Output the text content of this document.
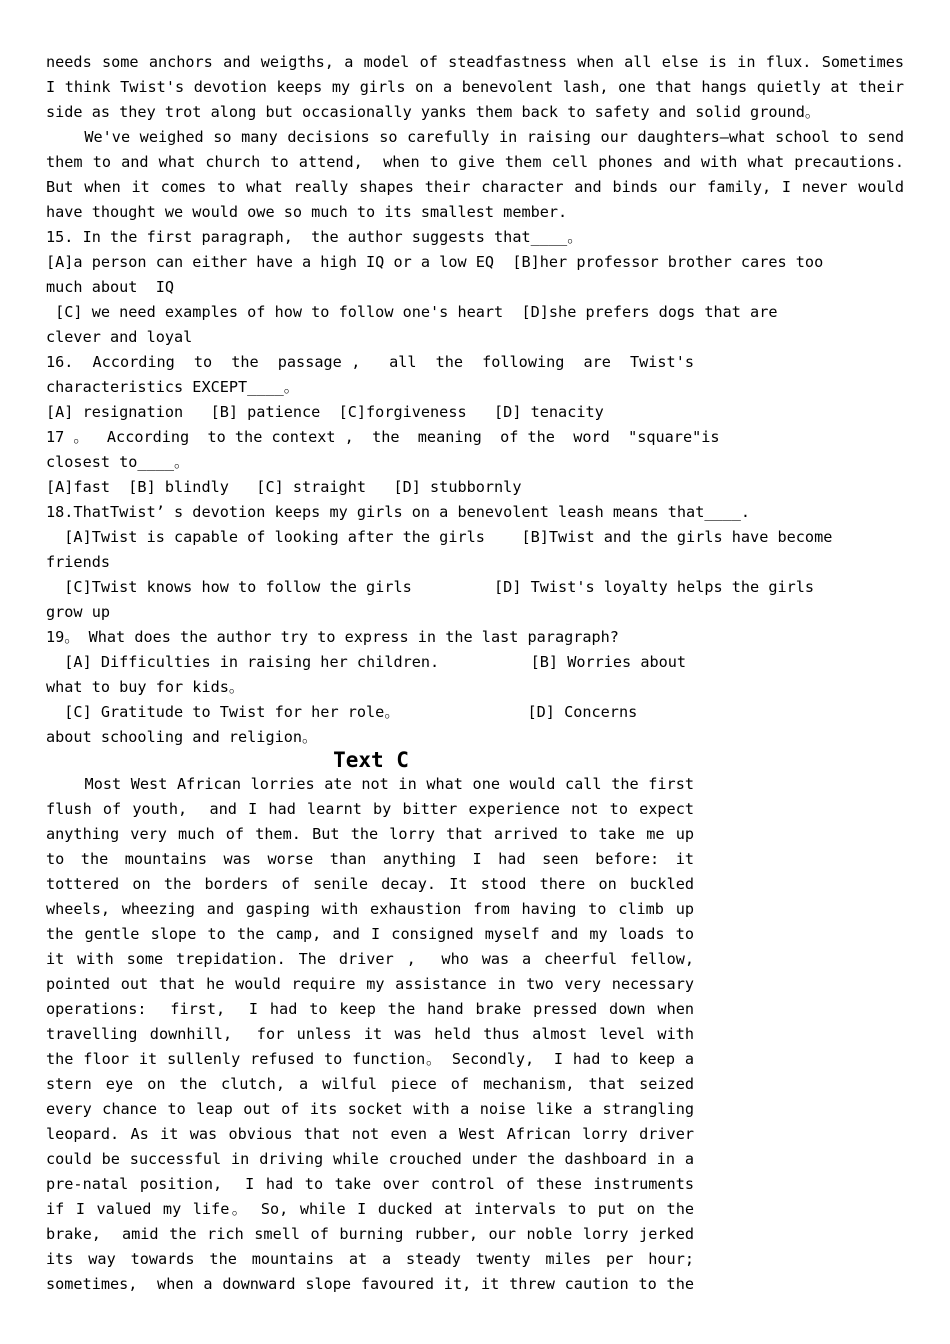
needs some anchors and weigths, a model of steadfastness when all else is in flux. Sometimes
I think Twist's devotion keeps my girls on a benevolent lash, one that hangs quietly at their
side as they trot along but occasionally yanks them back to safety and solid ground。
We've weighed so many decisions so carefully in raising our daughters—what school to send
them to and what church to attend,  when to give them cell phones and with what precautions.
But when it comes to what really shapes their character and binds our family, I never would
have thought we would owe so much to its smallest member.
15. In the first paragraph,  the author suggests that____。
[A]a person can either have a high IQ or a low EQ  [B]her professor brother cares too
much about  IQ
[C] we need examples of how to follow one's heart  [D]she prefers dogs that are
clever and loyal
16.  According  to  the  passage ,   all  the  following  are  Twist's
characteristics EXCEPT____。
[A] resignation   [B] patience  [C]forgiveness   [D] tenacity
17 。  According  to the context ,  the  meaning  of the  word  "square"is
closest to____。
[A]fast  [B] blindly   [C] straight   [D] stubbornly
18.ThatTwist’ s devotion keeps my girls on a benevolent leash means that____.
[A]Twist is capable of looking after the girls    [B]Twist and the girls have become
friends
[C]Twist knows how to follow the girls         [D] Twist's loyalty helps the girls
grow up
19。 What does the author try to express in the last paragraph?
[A] Difficulties in raising her children.          [B] Worries about
what to buy for kids。
[C] Gratitude to Twist for her role。              [D] Concerns
about schooling and religion。
Text C
Most West African lorries ate not in what one would call the first
flush of youth,  and I had learnt by bitter experience not to expect
anything very much of them. But the lorry that arrived to take me up
to the mountains was worse than anything I had seen before: it
tottered on the borders of senile decay. It stood there on buckled
wheels, wheezing and gasping with exhaustion from having to climb up
the gentle slope to the camp, and I consigned myself and my loads to
it with some trepidation. The driver ,  who was a cheerful fellow,
pointed out that he would require my assistance in two very necessary
operations:  first,  I had to keep the hand brake pressed down when
travelling downhill,  for unless it was held thus almost level with
the floor it sullenly refused to function。 Secondly,  I had to keep a
stern eye on the clutch, a wilful piece of mechanism, that seized
every chance to leap out of its socket with a noise like a strangling
leopard. As it was obvious that not even a West African lorry driver
could be successful in driving while crouched under the dashboard in a
pre-natal position,  I had to take over control of these instruments
if I valued my life。 So, while I ducked at intervals to put on the
brake,  amid the rich smell of burning rubber, our noble lorry jerked
its way towards the mountains at a steady twenty miles per hour;
sometimes,  when a downward slope favoured it, it threw caution to the
